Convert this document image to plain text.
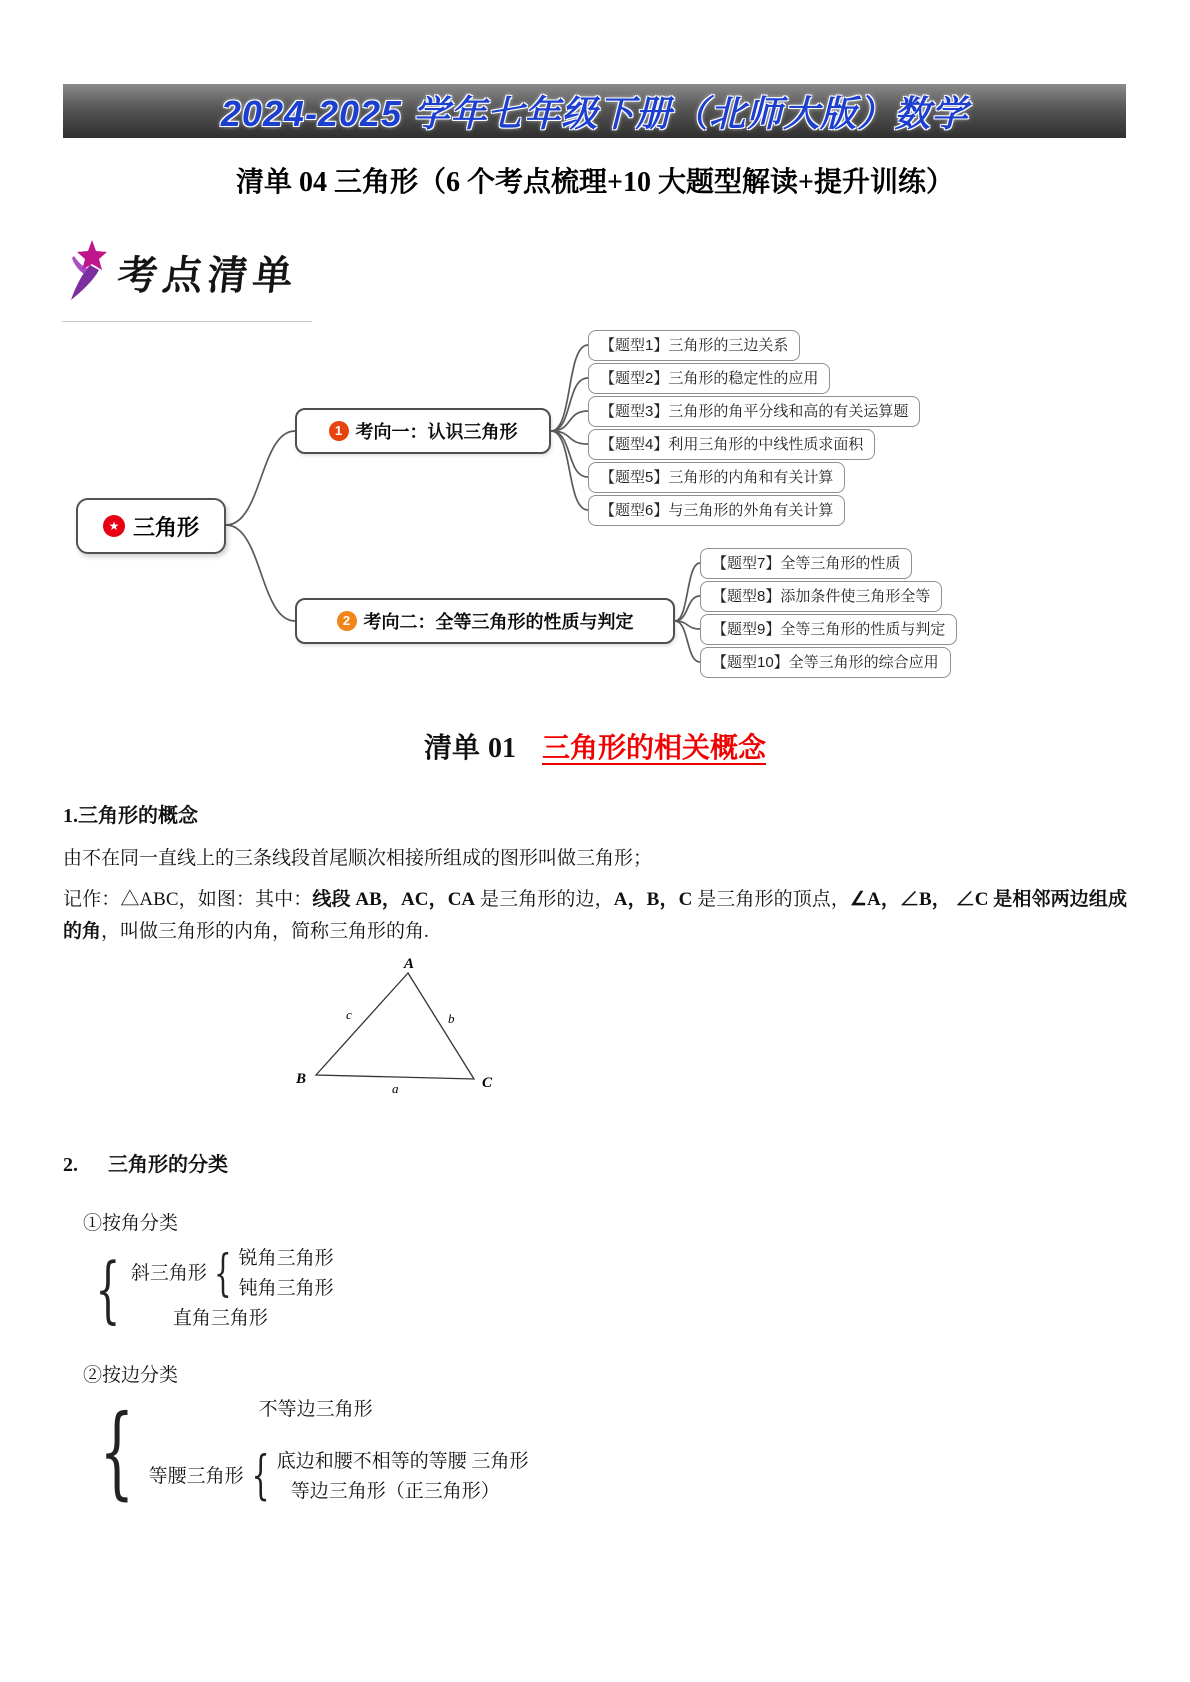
2024-2025 学年七年级下册（北师大版）数学
清单 04 三角形（6 个考点梳理+10 大题型解读+提升训练）
考点清单
★ 三角形
1 考向一：认识三角形
2 考向二：全等三角形的性质与判定
【题型1】三角形的三边关系
【题型2】三角形的稳定性的应用
【题型3】三角形的角平分线和高的有关运算题
【题型4】利用三角形的中线性质求面积
【题型5】三角形的内角和有关计算
【题型6】与三角形的外角有关计算
【题型7】全等三角形的性质
【题型8】添加条件使三角形全等
【题型9】全等三角形的性质与判定
【题型10】全等三角形的综合应用
清单 01 三角形的相关概念
1.三角形的概念
由不在同一直线上的三条线段首尾顺次相接所组成的图形叫做三角形；
记作：△ABC，如图：其中：线段 AB，AC，CA 是三角形的边，A，B，C 是三角形的顶点，∠A，∠B， ∠C 是相邻两边组成的角，叫做三角形的内角，简称三角形的角.
A
B	C
c	b
a
2. 三角形的分类
①按角分类
{ 斜三角形 { 锐角三角形
钝角三角形
直角三角形
②按边分类
{	不等边三角形
等腰三角形 { 底边和腰不相等的等腰 三角形
等边三角形（正三角形）
